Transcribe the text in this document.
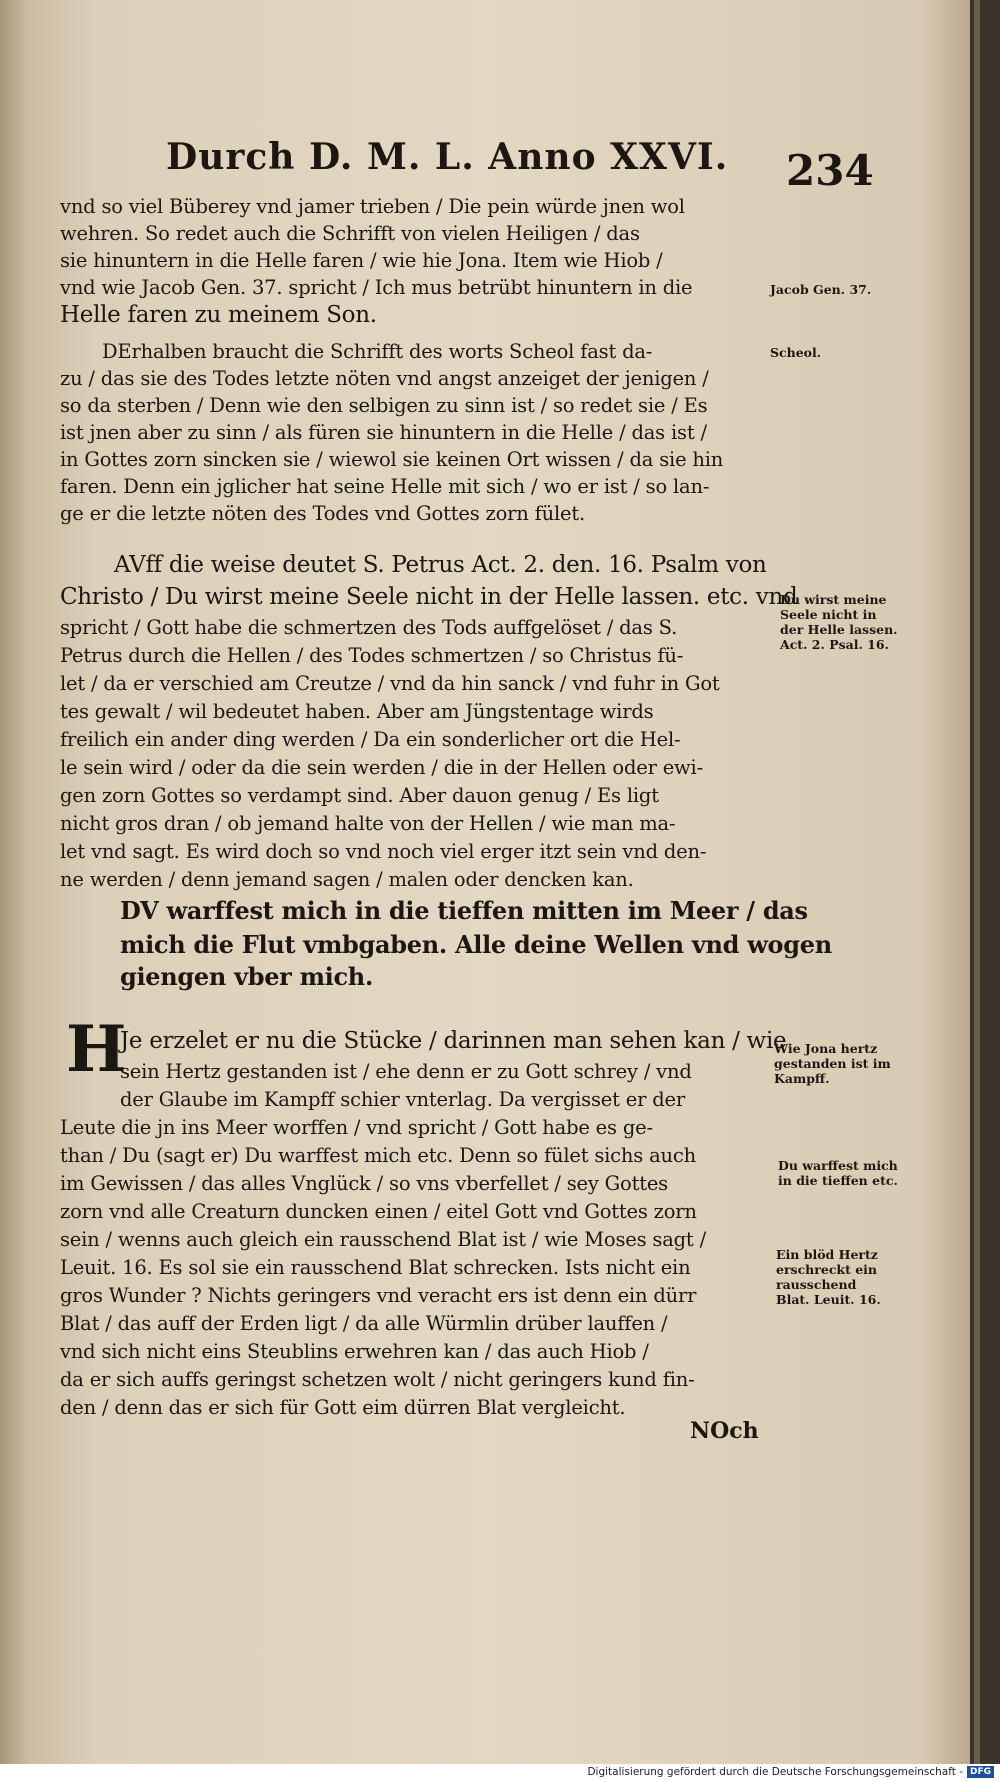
Durch D. M. L. Anno XXVI. 234
vnd so viel Büberey vnd jamer trieben / Die pein würde jnen wol
wehren. So redet auch die Schrifft von vielen Heiligen / das
sie hinuntern in die Helle faren / wie hie Jona. Item wie Hiob /
vnd wie Jacob Gen. 37. spricht / Ich mus betrübt hinuntern in die
Helle faren zu meinem Son.
DErhalben braucht die Schrifft des worts Scheol fast da-
zu / das sie des Todes letzte nöten vnd angst anzeiget der jenigen /
so da sterben / Denn wie den selbigen zu sinn ist / so redet sie / Es
ist jnen aber zu sinn / als füren sie hinuntern in die Helle / das ist /
in Gottes zorn sincken sie / wiewol sie keinen Ort wissen / da sie hin
faren. Denn ein jglicher hat seine Helle mit sich / wo er ist / so lan-
ge er die letzte nöten des Todes vnd Gottes zorn fület.
AVff die weise deutet S. Petrus Act. 2. den. 16. Psalm von
Christo / Du wirst meine Seele nicht in der Helle lassen. etc. vnd
spricht / Gott habe die schmertzen des Tods auffgelöset / das S.
Petrus durch die Hellen / des Todes schmertzen / so Christus fü-
let / da er verschied am Creutze / vnd da hin sanck / vnd fuhr in Got
tes gewalt / wil bedeutet haben. Aber am Jüngstentage wirds
freilich ein ander ding werden / Da ein sonderlicher ort die Hel-
le sein wird / oder da die sein werden / die in der Hellen oder ewi-
gen zorn Gottes so verdampt sind. Aber dauon genug / Es ligt
nicht gros dran / ob jemand halte von der Hellen / wie man ma-
let vnd sagt. Es wird doch so vnd noch viel erger itzt sein vnd den-
ne werden / denn jemand sagen / malen oder dencken kan.
DV warffest mich in die tieffen mitten im Meer / das
mich die Flut vmbgaben. Alle deine Wellen vnd wogen
giengen vber mich.
H
Je erzelet er nu die Stücke / darinnen man sehen kan / wie
sein Hertz gestanden ist / ehe denn er zu Gott schrey / vnd
der Glaube im Kampff schier vnterlag. Da vergisset er der
Leute die jn ins Meer worffen / vnd spricht / Gott habe es ge-
than / Du (sagt er) Du warffest mich etc. Denn so fület sichs auch
im Gewissen / das alles Vnglück / so vns vberfellet / sey Gottes
zorn vnd alle Creaturn duncken einen / eitel Gott vnd Gottes zorn
sein / wenns auch gleich ein rausschend Blat ist / wie Moses sagt /
Leuit. 16. Es sol sie ein rausschend Blat schrecken. Ists nicht ein
gros Wunder ? Nichts geringers vnd veracht ers ist denn ein dürr
Blat / das auff der Erden ligt / da alle Würmlin drüber lauffen /
vnd sich nicht eins Steublins erwehren kan / das auch Hiob /
da er sich auffs geringst schetzen wolt / nicht geringers kund fin-
den / denn das er sich für Gott eim dürren Blat vergleicht.
NOch
Jacob Gen. 37.
Scheol.
Du wirst meine Seele nicht in der Helle lassen. Act. 2. Psal. 16.
Wie Jona hertz gestanden ist im Kampff.
Du warffest mich in die tieffen etc.
Ein blöd Hertz erschreckt ein rausschend Blat. Leuit. 16.
Digitalisierung gefördert durch die Deutsche Forschungsgemeinschaft - DFG
